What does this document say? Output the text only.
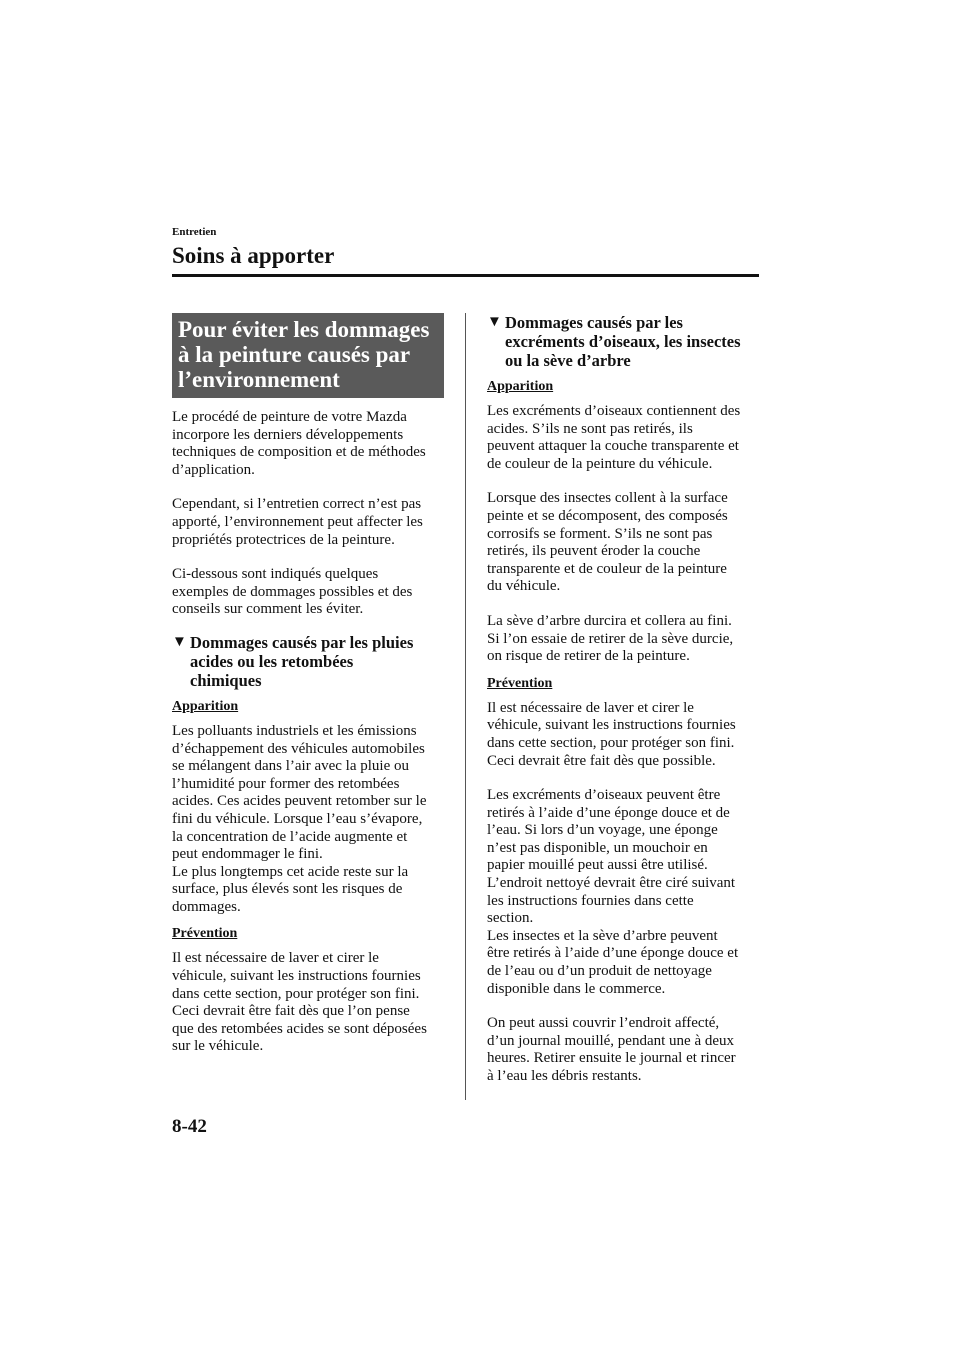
Entretien
Soins à apporter
Pour éviter les dommages
à la peinture causés par
l’environnement

Le procédé de peinture de votre Mazda
incorpore les derniers développements
techniques de composition et de méthodes
d’application.

Cependant, si l’entretien correct n’est pas
apporté, l’environnement peut affecter les
propriétés protectrices de la peinture.

Ci-dessous sont indiqués quelques
exemples de dommages possibles et des
conseils sur comment les éviter.

▼ Dommages causés par les pluies
acides ou les retombées
chimiques
Apparition

Les polluants industriels et les émissions
d’échappement des véhicules automobiles
se mélangent dans l’air avec la pluie ou
l’humidité pour former des retombées
acides. Ces acides peuvent retomber sur le
fini du véhicule. Lorsque l’eau s’évapore,
la concentration de l’acide augmente et
peut endommager le fini.
Le plus longtemps cet acide reste sur la
surface, plus élevés sont les risques de
dommages.

Prévention

Il est nécessaire de laver et cirer le
véhicule, suivant les instructions fournies
dans cette section, pour protéger son fini.
Ceci devrait être fait dès que l’on pense
que des retombées acides se sont déposées
sur le véhicule.

▼ Dommages causés par les
excréments d’oiseaux, les insectes
ou la sève d’arbre
Apparition

Les excréments d’oiseaux contiennent des
acides. S’ils ne sont pas retirés, ils
peuvent attaquer la couche transparente et
de couleur de la peinture du véhicule.

Lorsque des insectes collent à la surface
peinte et se décomposent, des composés
corrosifs se forment. S’ils ne sont pas
retirés, ils peuvent éroder la couche
transparente et de couleur de la peinture
du véhicule.

La sève d’arbre durcira et collera au fini.
Si l’on essaie de retirer de la sève durcie,
on risque de retirer de la peinture.

Prévention

Il est nécessaire de laver et cirer le
véhicule, suivant les instructions fournies
dans cette section, pour protéger son fini.
Ceci devrait être fait dès que possible.

Les excréments d’oiseaux peuvent être
retirés à l’aide d’une éponge douce et de
l’eau. Si lors d’un voyage, une éponge
n’est pas disponible, un mouchoir en
papier mouillé peut aussi être utilisé.
L’endroit nettoyé devrait être ciré suivant
les instructions fournies dans cette
section.
Les insectes et la sève d’arbre peuvent
être retirés à l’aide d’une éponge douce et
de l’eau ou d’un produit de nettoyage
disponible dans le commerce.

On peut aussi couvrir l’endroit affecté,
d’un journal mouillé, pendant une à deux
heures. Retirer ensuite le journal et rincer
à l’eau les débris restants.

8-42
